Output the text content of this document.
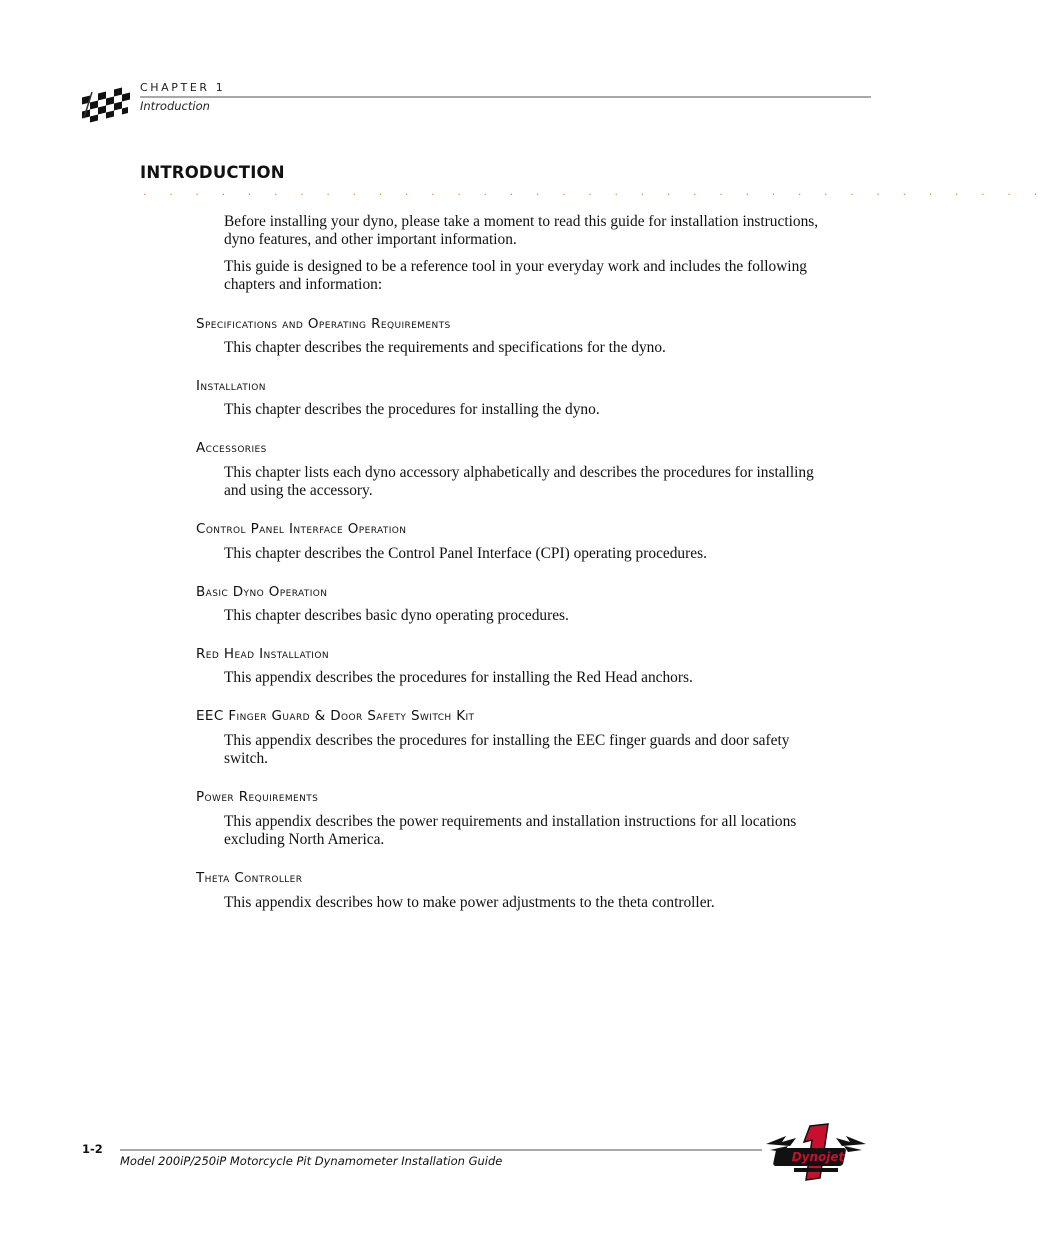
CHAPTER 1
Introduction
INTRODUCTION
. . . . . . . . . . . . . . . . . . . . . . . . . . . . . . . . . . .

Before installing your dyno, please take a moment to read this guide for installation instructions, dyno features, and other important information.

This guide is designed to be a reference tool in your everyday work and includes the following chapters and information:

Specifications and Operating Requirements

This chapter describes the requirements and specifications for the dyno.

Installation

This chapter describes the procedures for installing the dyno.

Accessories

This chapter lists each dyno accessory alphabetically and describes the procedures for installing and using the accessory.

Control Panel Interface Operation

This chapter describes the Control Panel Interface (CPI) operating procedures.

Basic Dyno Operation

This chapter describes basic dyno operating procedures.

Red Head Installation

This appendix describes the procedures for installing the Red Head anchors.

EEC Finger Guard & Door Safety Switch Kit

This appendix describes the procedures for installing the EEC finger guards and door safety switch.

Power Requirements

This appendix describes the power requirements and installation instructions for all locations excluding North America.

Theta Controller

This appendix describes how to make power adjustments to the theta controller.

1-2
Model 200iP/250iP Motorcycle Pit Dynamometer Installation Guide	Dynojet
